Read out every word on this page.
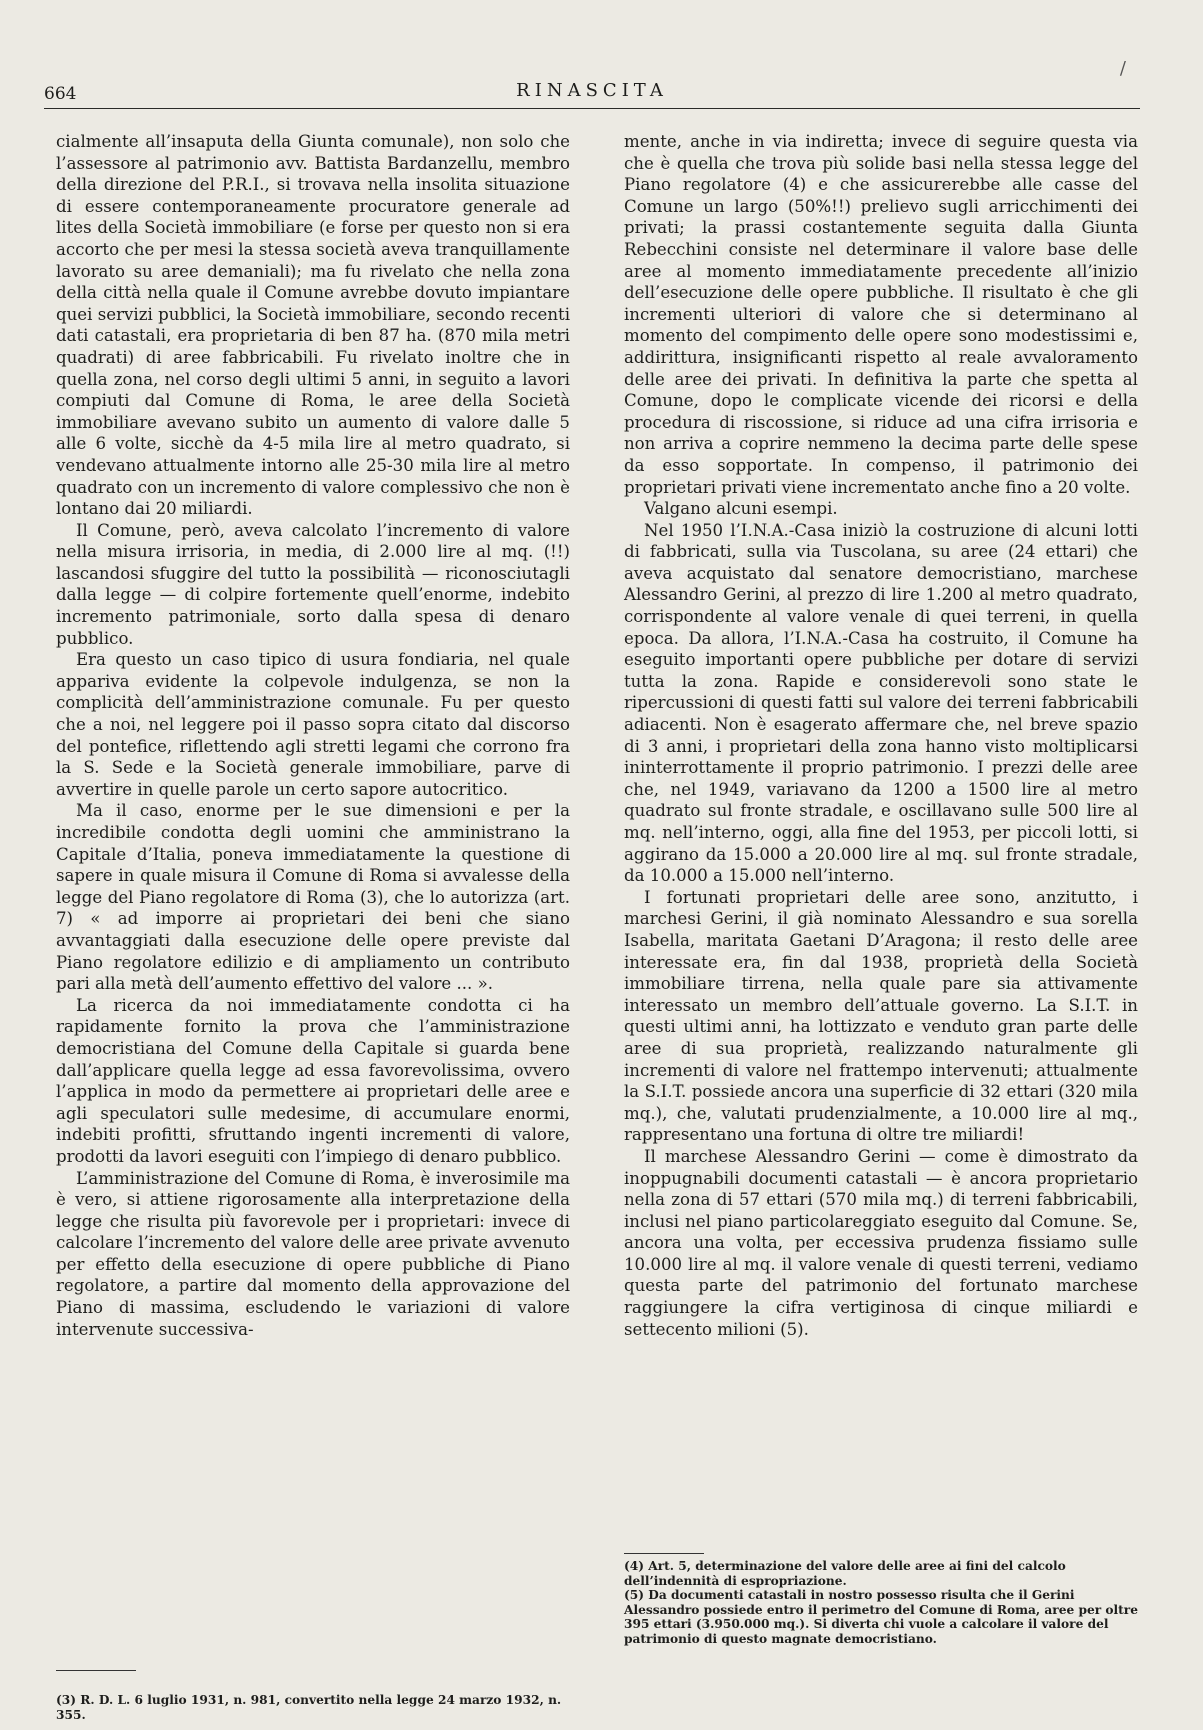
664	RINASCITA
/

cialmente all’insaputa della Giunta comunale), non solo che l’assessore al patrimonio avv. Battista Bardanzellu, membro della direzione del P.R.I., si trovava nella insolita situazione di essere contemporaneamente procuratore generale ad lites della Società immobiliare (e forse per questo non si era accorto che per mesi la stessa società aveva tranquillamente lavorato su aree demaniali); ma fu rivelato che nella zona della città nella quale il Comune avrebbe dovuto impiantare quei servizi pubblici, la Società immobiliare, secondo recenti dati catastali, era proprietaria di ben 87 ha. (870 mila metri quadrati) di aree fabbricabili. Fu rivelato inoltre che in quella zona, nel corso degli ultimi 5 anni, in seguito a lavori compiuti dal Comune di Roma, le aree della Società immobiliare avevano subito un aumento di valore dalle 5 alle 6 volte, sicchè da 4-5 mila lire al metro quadrato, si vendevano attualmente intorno alle 25-30 mila lire al metro quadrato con un incremento di valore complessivo che non è lontano dai 20 miliardi.

Il Comune, però, aveva calcolato l’incremento di valore nella misura irrisoria, in media, di 2.000 lire al mq. (!!) lascandosi sfuggire del tutto la possibilità — riconosciutagli dalla legge — di colpire fortemente quell’enorme, indebito incremento patrimoniale, sorto dalla spesa di denaro pubblico.

Era questo un caso tipico di usura fondiaria, nel quale appariva evidente la colpevole indulgenza, se non la complicità dell’amministrazione comunale. Fu per questo che a noi, nel leggere poi il passo sopra citato dal discorso del pontefice, riflettendo agli stretti legami che corrono fra la S. Sede e la Società generale immobiliare, parve di avvertire in quelle parole un certo sapore autocritico.

Ma il caso, enorme per le sue dimensioni e per la incredibile condotta degli uomini che amministrano la Capitale d’Italia, poneva immediatamente la questione di sapere in quale misura il Comune di Roma si avvalesse della legge del Piano regolatore di Roma (3), che lo autorizza (art. 7) « ad imporre ai proprietari dei beni che siano avvantaggiati dalla esecuzione delle opere previste dal Piano regolatore edilizio e di ampliamento un contributo pari alla metà dell’aumento effettivo del valore ... ».

La ricerca da noi immediatamente condotta ci ha rapidamente fornito la prova che l’amministrazione democristiana del Comune della Capitale si guarda bene dall’applicare quella legge ad essa favorevolissima, ovvero l’applica in modo da permettere ai proprietari delle aree e agli speculatori sulle medesime, di accumulare enormi, indebiti profitti, sfruttando ingenti incrementi di valore, prodotti da lavori eseguiti con l’impiego di denaro pubblico.

L’amministrazione del Comune di Roma, è inverosimile ma è vero, si attiene rigorosamente alla interpretazione della legge che risulta più favorevole per i proprietari: invece di calcolare l’incremento del valore delle aree private avvenuto per effetto della esecuzione di opere pubbliche di Piano regolatore, a partire dal momento della approvazione del Piano di massima, escludendo le variazioni di valore intervenute successiva-

mente, anche in via indiretta; invece di seguire questa via che è quella che trova più solide basi nella stessa legge del Piano regolatore (4) e che assicurerebbe alle casse del Comune un largo (50%!!) prelievo sugli arricchimenti dei privati; la prassi costantemente seguita dalla Giunta Rebecchini consiste nel determinare il valore base delle aree al momento immediatamente precedente all’inizio dell’esecuzione delle opere pubbliche. Il risultato è che gli incrementi ulteriori di valore che si determinano al momento del compimento delle opere sono modestissimi e, addirittura, insignificanti rispetto al reale avvaloramento delle aree dei privati. In definitiva la parte che spetta al Comune, dopo le complicate vicende dei ricorsi e della procedura di riscossione, si riduce ad una cifra irrisoria e non arriva a coprire nemmeno la decima parte delle spese da esso sopportate. In compenso, il patrimonio dei proprietari privati viene incrementato anche fino a 20 volte.

Valgano alcuni esempi.

Nel 1950 l’I.N.A.-Casa iniziò la costruzione di alcuni lotti di fabbricati, sulla via Tuscolana, su aree (24 ettari) che aveva acquistato dal senatore democristiano, marchese Alessandro Gerini, al prezzo di lire 1.200 al metro quadrato, corrispondente al valore venale di quei terreni, in quella epoca. Da allora, l’I.N.A.-Casa ha costruito, il Comune ha eseguito importanti opere pubbliche per dotare di servizi tutta la zona. Rapide e considerevoli sono state le ripercussioni di questi fatti sul valore dei terreni fabbricabili adiacenti. Non è esagerato affermare che, nel breve spazio di 3 anni, i proprietari della zona hanno visto moltiplicarsi ininterrottamente il proprio patrimonio. I prezzi delle aree che, nel 1949, variavano da 1200 a 1500 lire al metro quadrato sul fronte stradale, e oscillavano sulle 500 lire al mq. nell’interno, oggi, alla fine del 1953, per piccoli lotti, si aggirano da 15.000 a 20.000 lire al mq. sul fronte stradale, da 10.000 a 15.000 nell’interno.

I fortunati proprietari delle aree sono, anzitutto, i marchesi Gerini, il già nominato Alessandro e sua sorella Isabella, maritata Gaetani D’Aragona; il resto delle aree interessate era, fin dal 1938, proprietà della Società immobiliare tirrena, nella quale pare sia attivamente interessato un membro dell’attuale governo. La S.I.T. in questi ultimi anni, ha lottizzato e venduto gran parte delle aree di sua proprietà, realizzando naturalmente gli incrementi di valore nel frattempo intervenuti; attualmente la S.I.T. possiede ancora una superficie di 32 ettari (320 mila mq.), che, valutati prudenzialmente, a 10.000 lire al mq., rappresentano una fortuna di oltre tre miliardi!

Il marchese Alessandro Gerini — come è dimostrato da inoppugnabili documenti catastali — è ancora proprietario nella zona di 57 ettari (570 mila mq.) di terreni fabbricabili, inclusi nel piano particolareggiato eseguito dal Comune. Se, ancora una volta, per eccessiva prudenza fissiamo sulle 10.000 lire al mq. il valore venale di questi terreni, vediamo questa parte del patrimonio del fortunato marchese raggiungere la cifra vertiginosa di cinque miliardi e settecento milioni (5).

(3) R. D. L. 6 luglio 1931, n. 981, convertito nella legge 24 marzo 1932, n. 355.

(4) Art. 5, determinazione del valore delle aree ai fini del calcolo dell’indennità di espropriazione.

(5) Da documenti catastali in nostro possesso risulta che il Gerini Alessandro possiede entro il perimetro del Comune di Roma, aree per oltre 395 ettari (3.950.000 mq.). Si diverta chi vuole a calcolare il valore del patrimonio di questo magnate democristiano.
